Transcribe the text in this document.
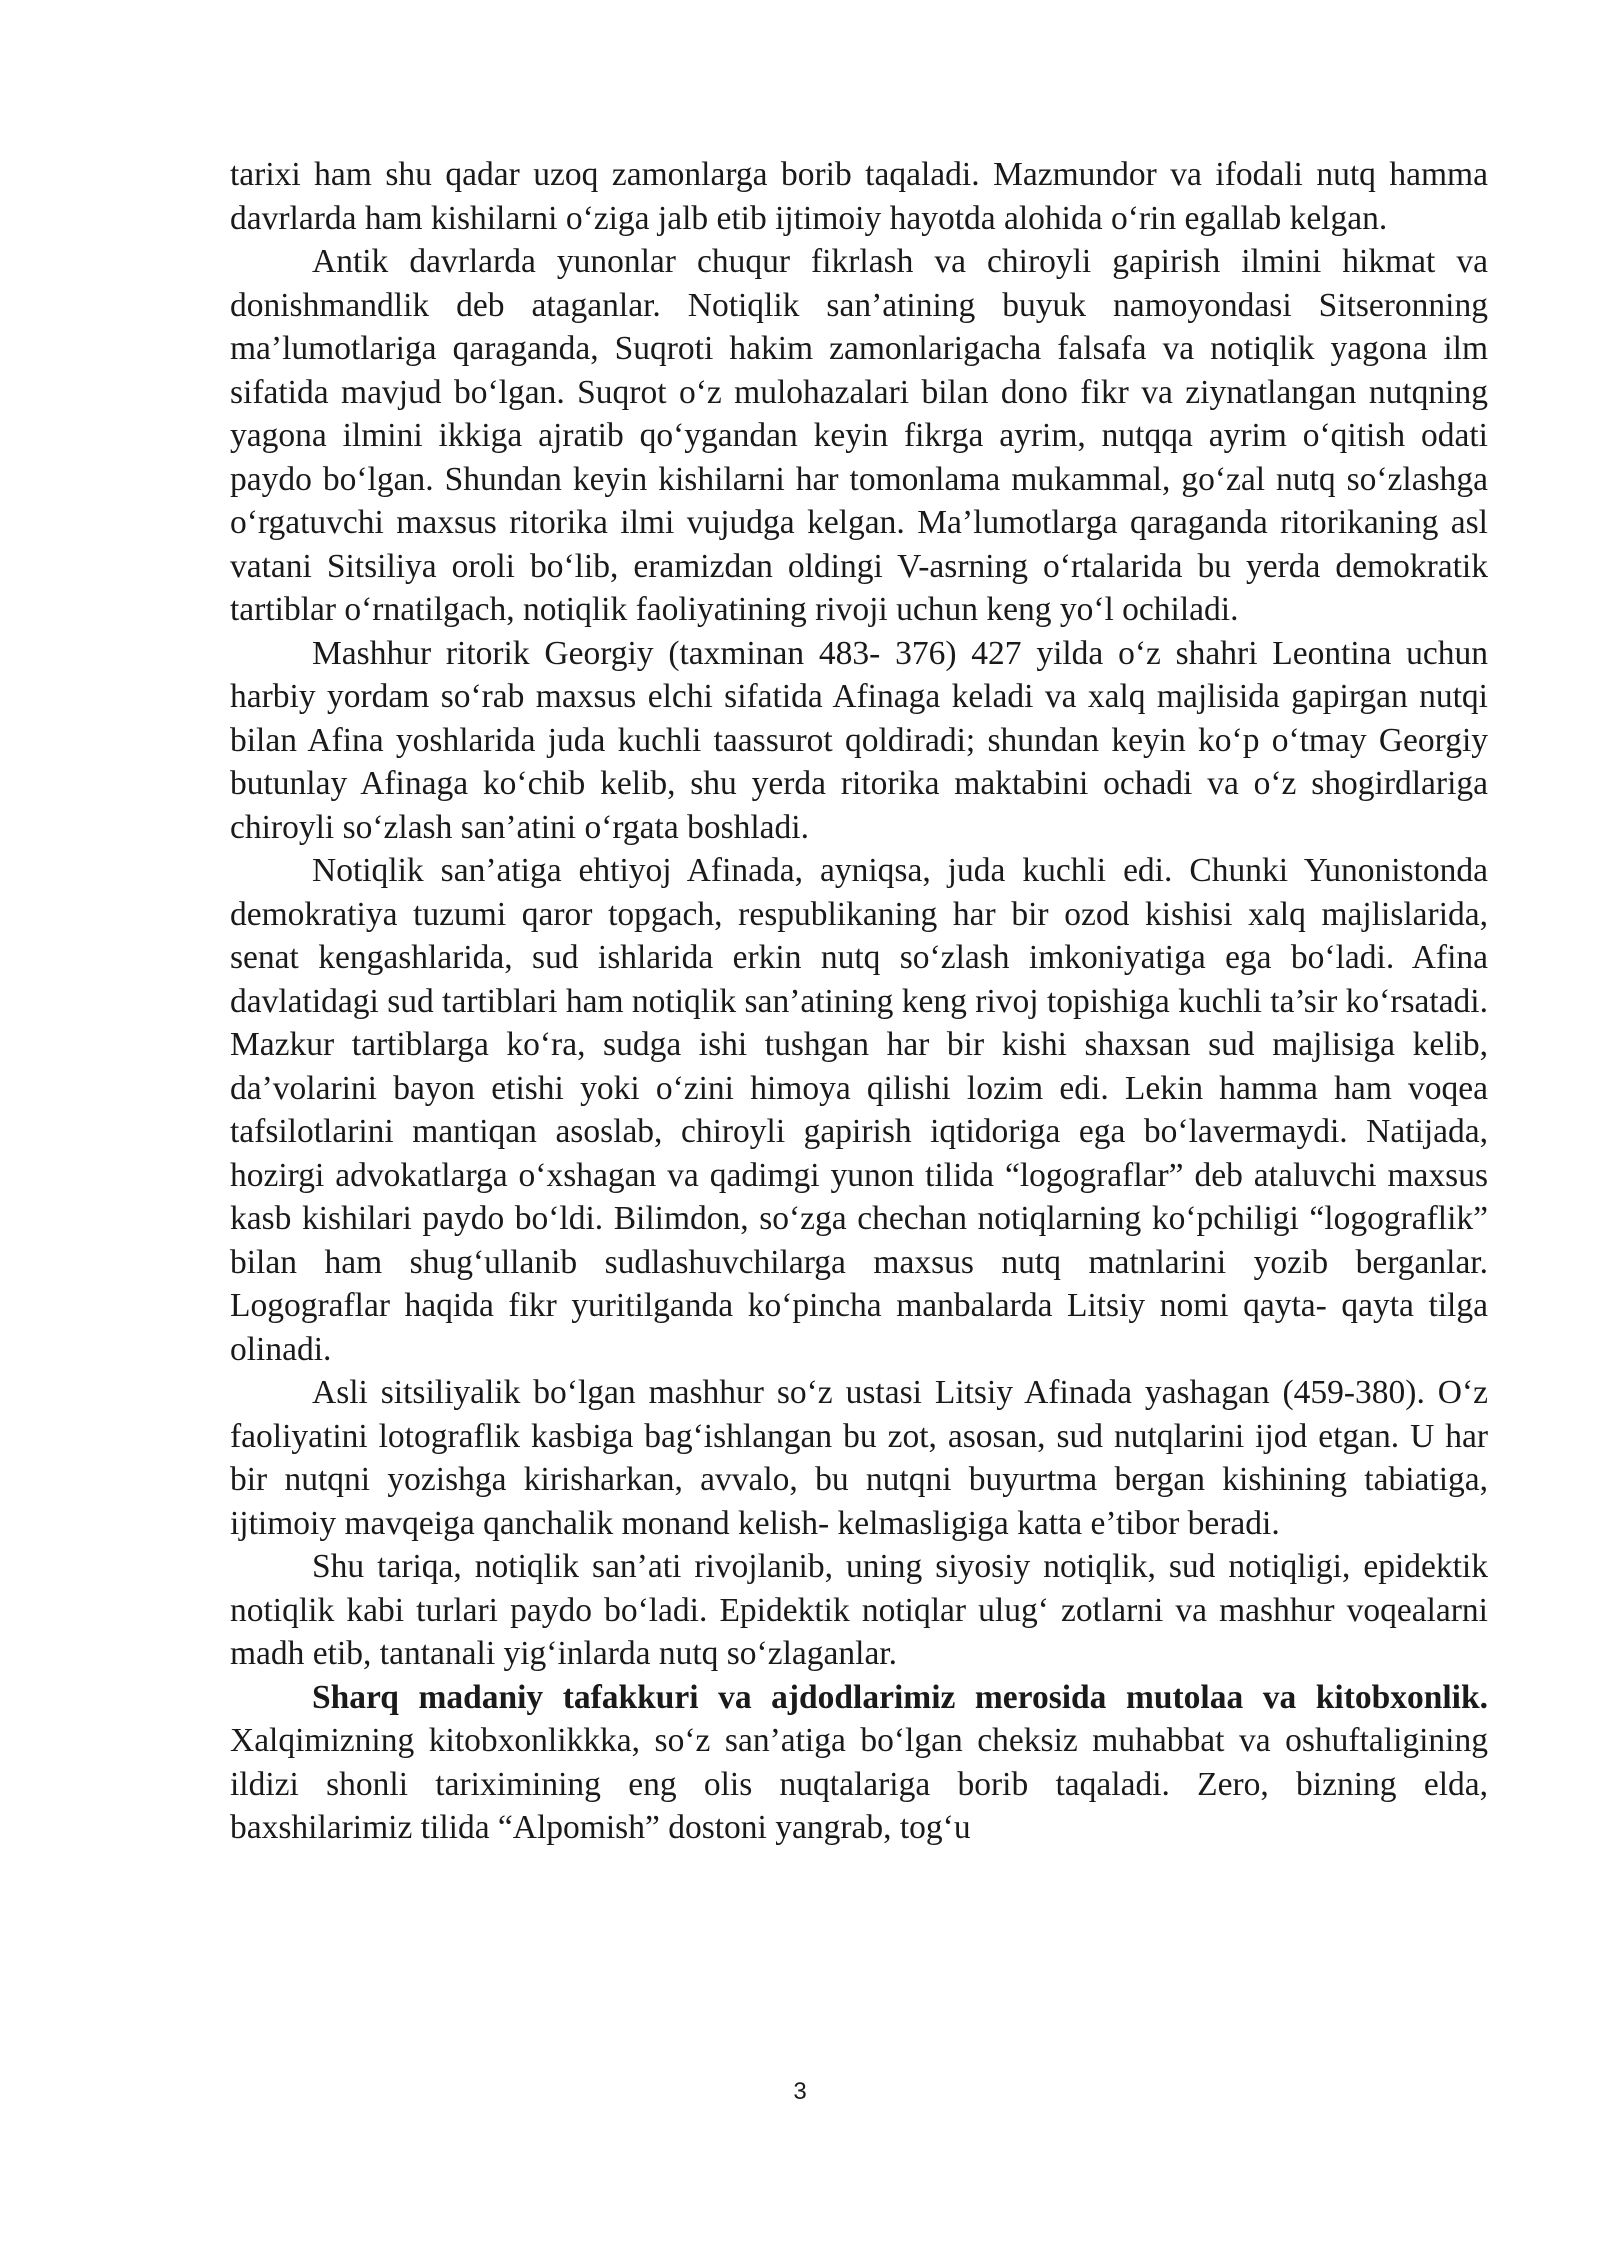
tarixi ham shu qadar uzoq zamonlarga borib taqaladi. Mazmundor va ifodali nutq hamma davrlarda ham kishilarni o‘ziga jalb etib ijtimoiy hayotda alohida o‘rin egallab kelgan.

Antik davrlarda yunonlar chuqur fikrlash va chiroyli gapirish ilmini hikmat va donishmandlik deb ataganlar. Notiqlik san’atining buyuk namoyondasi Sitseronning ma’lumotlariga qaraganda, Suqroti hakim zamonlarigacha falsafa va notiqlik yagona ilm sifatida mavjud bo‘lgan. Suqrot o‘z mulohazalari bilan dono fikr va ziynatlangan nutqning yagona ilmini ikkiga ajratib qo‘ygandan keyin fikrga ayrim, nutqqa ayrim o‘qitish odati paydo bo‘lgan. Shundan keyin kishilarni har tomonlama mukammal, go‘zal nutq so‘zlashga o‘rgatuvchi maxsus ritorika ilmi vujudga kelgan. Ma’lumotlarga qaraganda ritorikaning asl vatani Sitsiliya oroli bo‘lib, eramizdan oldingi V-asrning o‘rtalarida bu yerda demokratik tartiblar o‘rnatilgach, notiqlik faoliyatining rivoji uchun keng yo‘l ochiladi.

Mashhur ritorik Georgiy (taxminan 483- 376) 427 yilda o‘z shahri Leontina uchun harbiy yordam so‘rab maxsus elchi sifatida Afinaga keladi va xalq majlisida gapirgan nutqi bilan Afina yoshlarida juda kuchli taassurot qoldiradi; shundan keyin ko‘p o‘tmay Georgiy butunlay Afinaga ko‘chib kelib, shu yerda ritorika maktabini ochadi va o‘z shogirdlariga chiroyli so‘zlash san’atini o‘rgata boshladi.

Notiqlik san’atiga ehtiyoj Afinada, ayniqsa, juda kuchli edi. Chunki Yunonistonda demokratiya tuzumi qaror topgach, respublikaning har bir ozod kishisi xalq majlislarida, senat kengashlarida, sud ishlarida erkin nutq so‘zlash imkoniyatiga ega bo‘ladi. Afina davlatidagi sud tartiblari ham notiqlik san’atining keng rivoj topishiga kuchli ta’sir ko‘rsatadi. Mazkur tartiblarga ko‘ra, sudga ishi tushgan har bir kishi shaxsan sud majlisiga kelib, da’volarini bayon etishi yoki o‘zini himoya qilishi lozim edi. Lekin hamma ham voqea tafsilotlarini mantiqan asoslab, chiroyli gapirish iqtidoriga ega bo‘lavermaydi. Natijada, hozirgi advokatlarga o‘xshagan va qadimgi yunon tilida “logograflar” deb ataluvchi maxsus kasb kishilari paydo bo‘ldi. Bilimdon, so‘zga chechan notiqlarning ko‘pchiligi “logograflik” bilan ham shug‘ullanib sudlashuvchilarga maxsus nutq matnlarini yozib berganlar. Logograflar haqida fikr yuritilganda ko‘pincha manbalarda Litsiy nomi qayta- qayta tilga olinadi.

Asli sitsiliyalik bo‘lgan mashhur so‘z ustasi Litsiy Afinada yashagan (459-380). O‘z faoliyatini lotograflik kasbiga bag‘ishlangan bu zot, asosan, sud nutqlarini ijod etgan. U har bir nutqni yozishga kirisharkan, avvalo, bu nutqni buyurtma bergan kishining tabiatiga, ijtimoiy mavqeiga qanchalik monand kelish- kelmasligiga katta e’tibor beradi.

Shu tariqa, notiqlik san’ati rivojlanib, uning siyosiy notiqlik, sud notiqligi, epidektik notiqlik kabi turlari paydo bo‘ladi. Epidektik notiqlar ulug‘ zotlarni va mashhur voqealarni madh etib, tantanali yig‘inlarda nutq so‘zlaganlar.

Sharq madaniy tafakkuri va ajdodlarimiz merosida mutolaa va kitobxonlik. Xalqimizning kitobxonlikkka, so‘z san’atiga bo‘lgan cheksiz muhabbat va oshuftaligining ildizi shonli tariximining eng olis nuqtalariga borib taqaladi. Zero, bizning elda, baxshilarimiz tilida “Alpomish” dostoni yangrab, tog‘u

3
